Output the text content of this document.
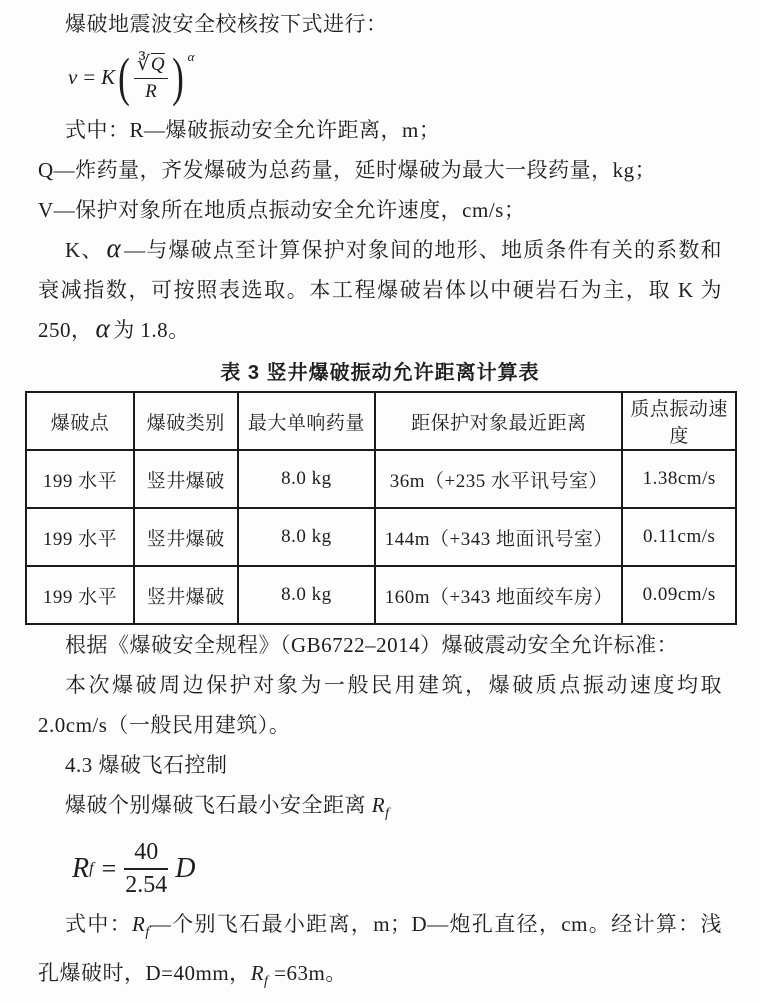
爆破地震波安全校核按下式进行：

v = K ( $\frac{∛ \overline{Q}}{R}$ ) α

式中：R—爆破振动安全允许距离，m；

Q—炸药量，齐发爆破为总药量，延时爆破为最大一段药量，kg；

V—保护对象所在地质点振动安全允许速度，cm/s；

K、 α —与爆破点至计算保护对象间的地形、地质条件有关的系数和衰减指数，可按照表选取。本工程爆破岩体以中硬岩石为主，取 K 为 250， α 为 1.8。

表 3 竖井爆破振动允许距离计算表
爆破点	爆破类别	最大单响药量	距保护对象最近距离	质点振动速度
199 水平	竖井爆破	8.0 kg	36m（+235 水平讯号室）	1.38cm/s
199 水平	竖井爆破	8.0 kg	144m（+343 地面讯号室）	0.11cm/s
199 水平	竖井爆破	8.0 kg	160m（+343 地面绞车房）	0.09cm/s

根据《爆破安全规程》（GB6722–2014）爆破震动安全允许标准：

本次爆破周边保护对象为一般民用建筑，爆破质点振动速度均取 2.0cm/s（一般民用建筑）。

4.3 爆破飞石控制

爆破个别爆破飞石最小安全距离 $R_f$

R $f = \frac{40}{2.54}$ D

式中：$R_f—$个别飞石最小距离，m；D—炮孔直径，cm。经计算：浅孔爆破时，D=40mm，$R_f =63m$。
